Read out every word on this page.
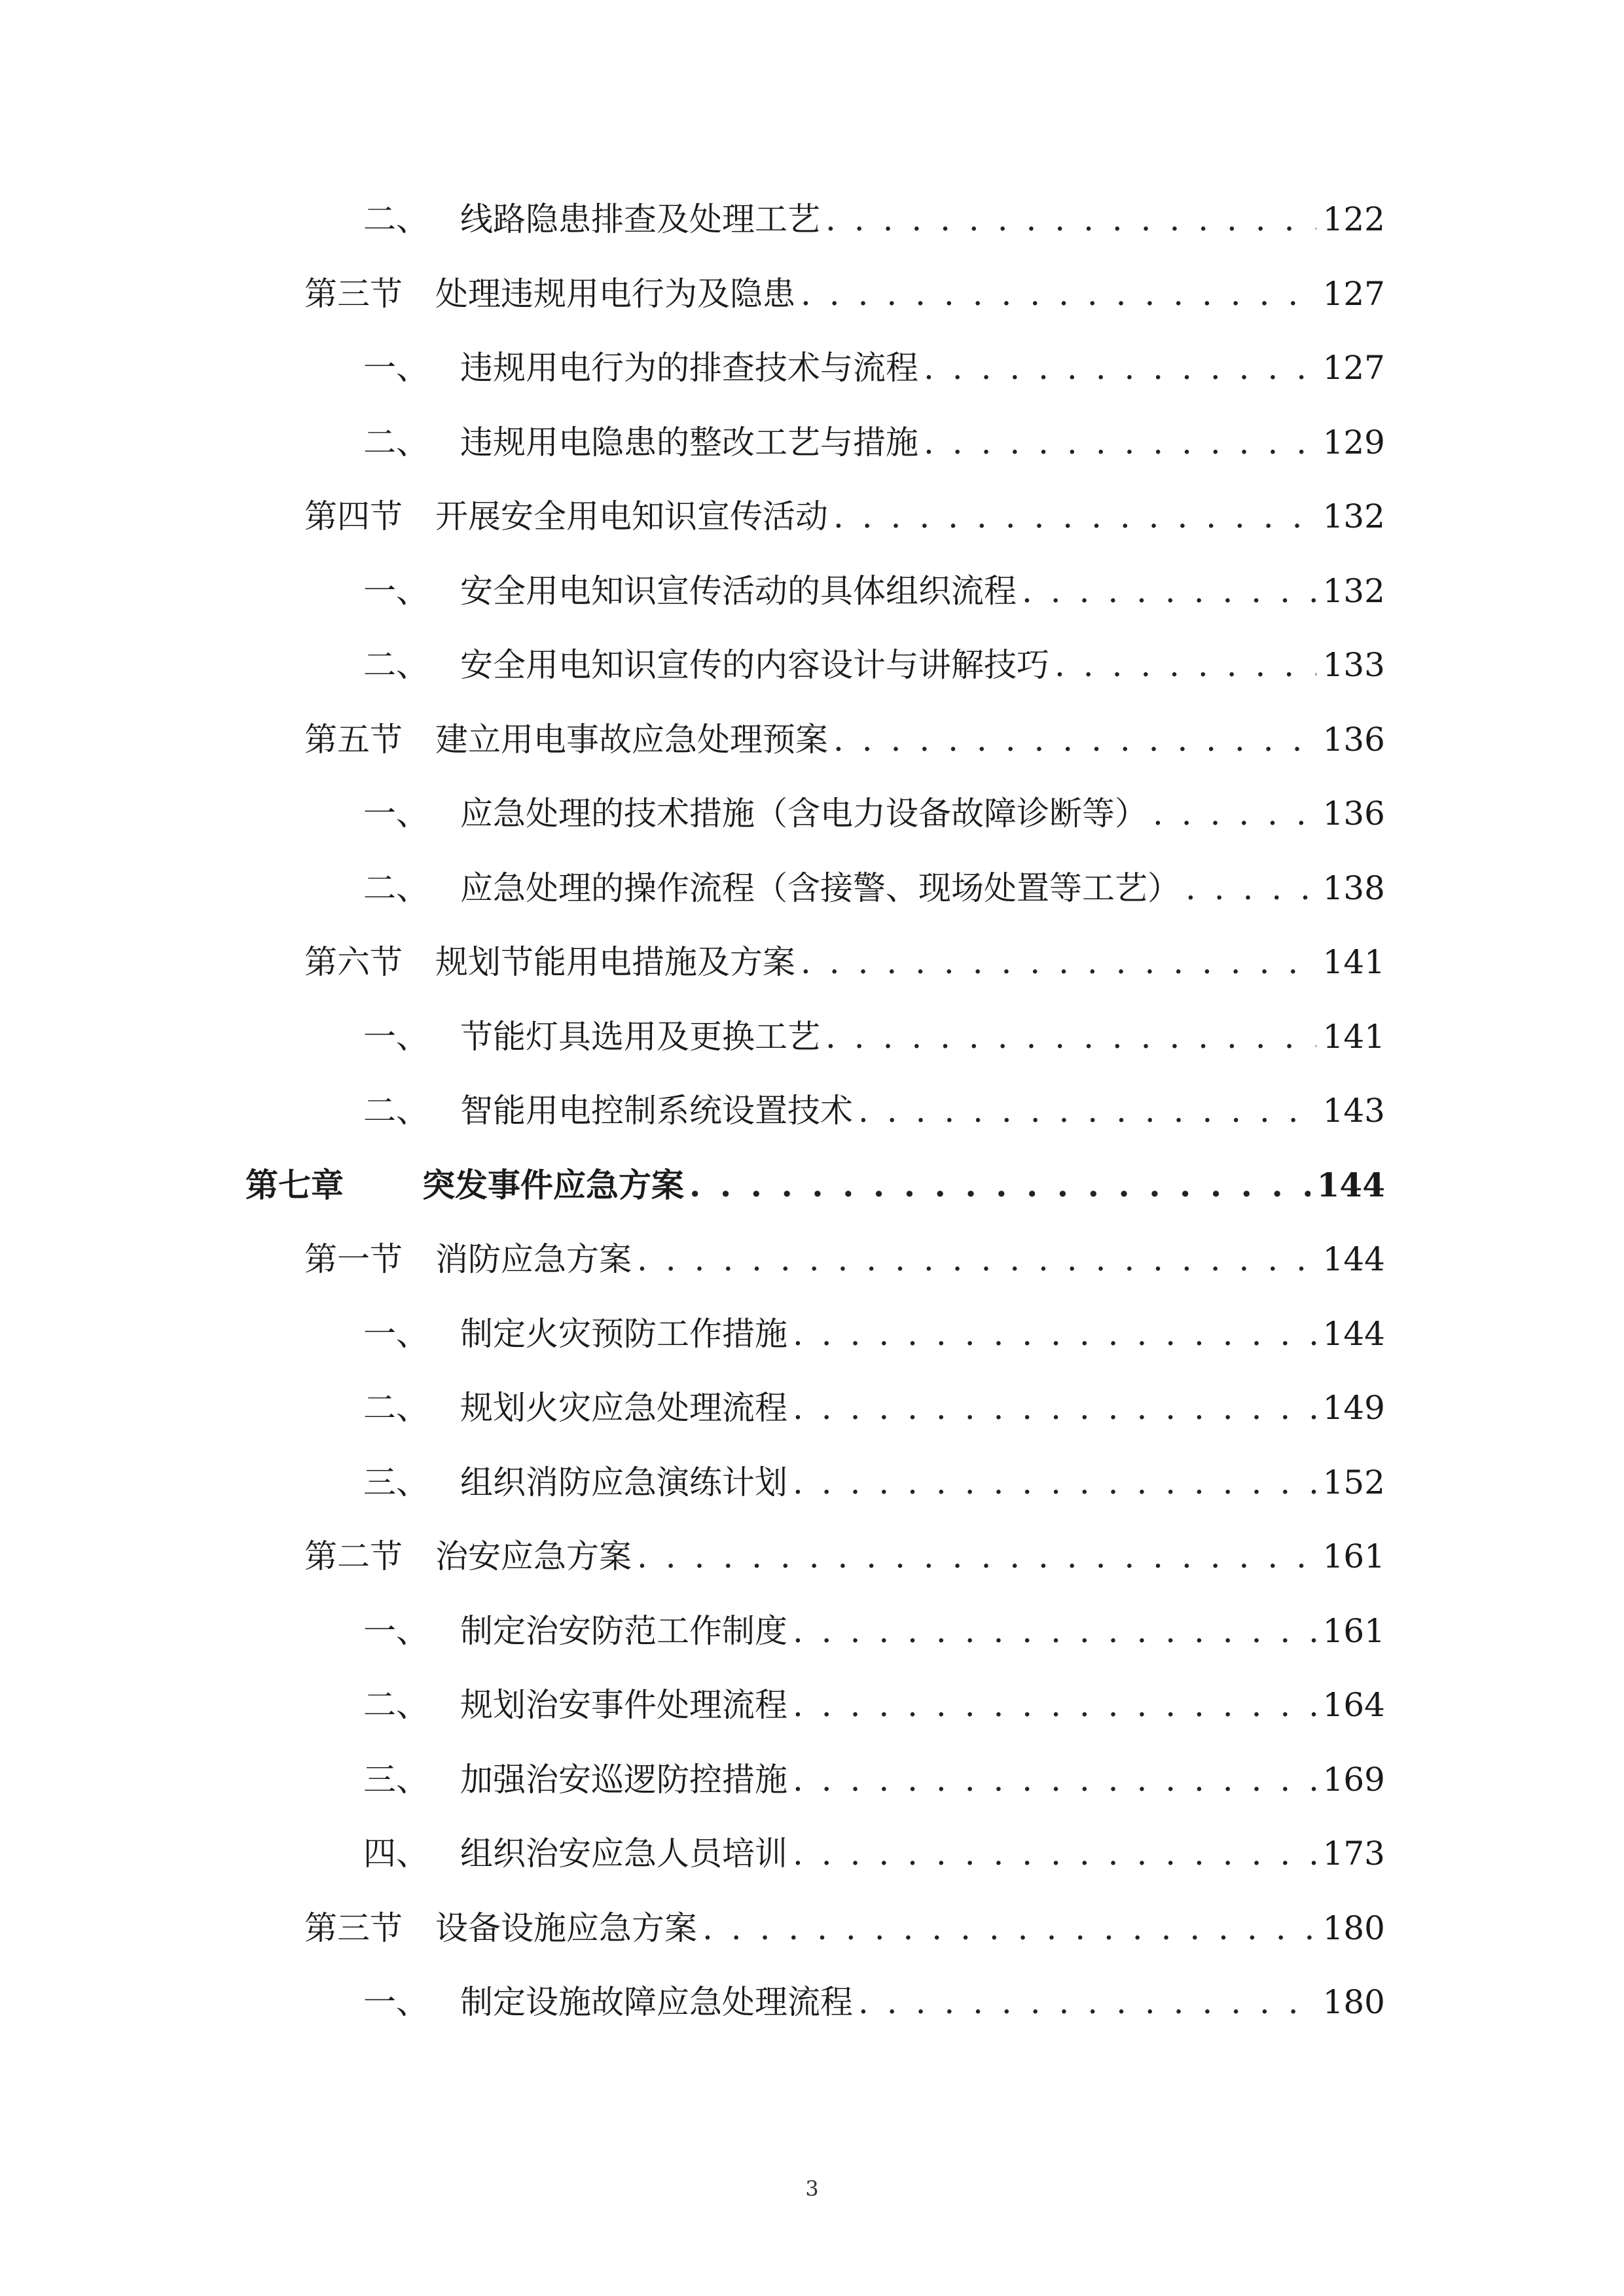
二、 线路隐患排查及处理工艺 . . .	122
第三节	处理违规用电行为及隐患 . . .	127
一、 违规用电行为的排查技术与流程 . . .	127
二、 违规用电隐患的整改工艺与措施 . . .	129
第四节	开展安全用电知识宣传活动 . . .	132
一、 安全用电知识宣传活动的具体组织流程 . . .	132
二、 安全用电知识宣传的内容设计与讲解技巧 . . .	133
第五节	建立用电事故应急处理预案 . . .	136
一、 应急处理的技术措施（含电力设备故障诊断等） . . .	136
二、 应急处理的操作流程（含接警、现场处置等工艺） . . .	138
第六节	规划节能用电措施及方案 . . .	141
一、 节能灯具选用及更换工艺 . . .	141
二、 智能用电控制系统设置技术 . . .	143
第七章	突发事件应急方案 . . .	144
第一节	消防应急方案 . . .	144
一、 制定火灾预防工作措施 . . .	144
二、 规划火灾应急处理流程 . . .	149
三、 组织消防应急演练计划 . . .	152
第二节	治安应急方案 . . .	161
一、 制定治安防范工作制度 . . .	161
二、 规划治安事件处理流程 . . .	164
三、 加强治安巡逻防控措施 . . .	169
四、 组织治安应急人员培训 . . .	173
第三节	设备设施应急方案 . . .	180
一、 制定设施故障应急处理流程 . . .	180
3
